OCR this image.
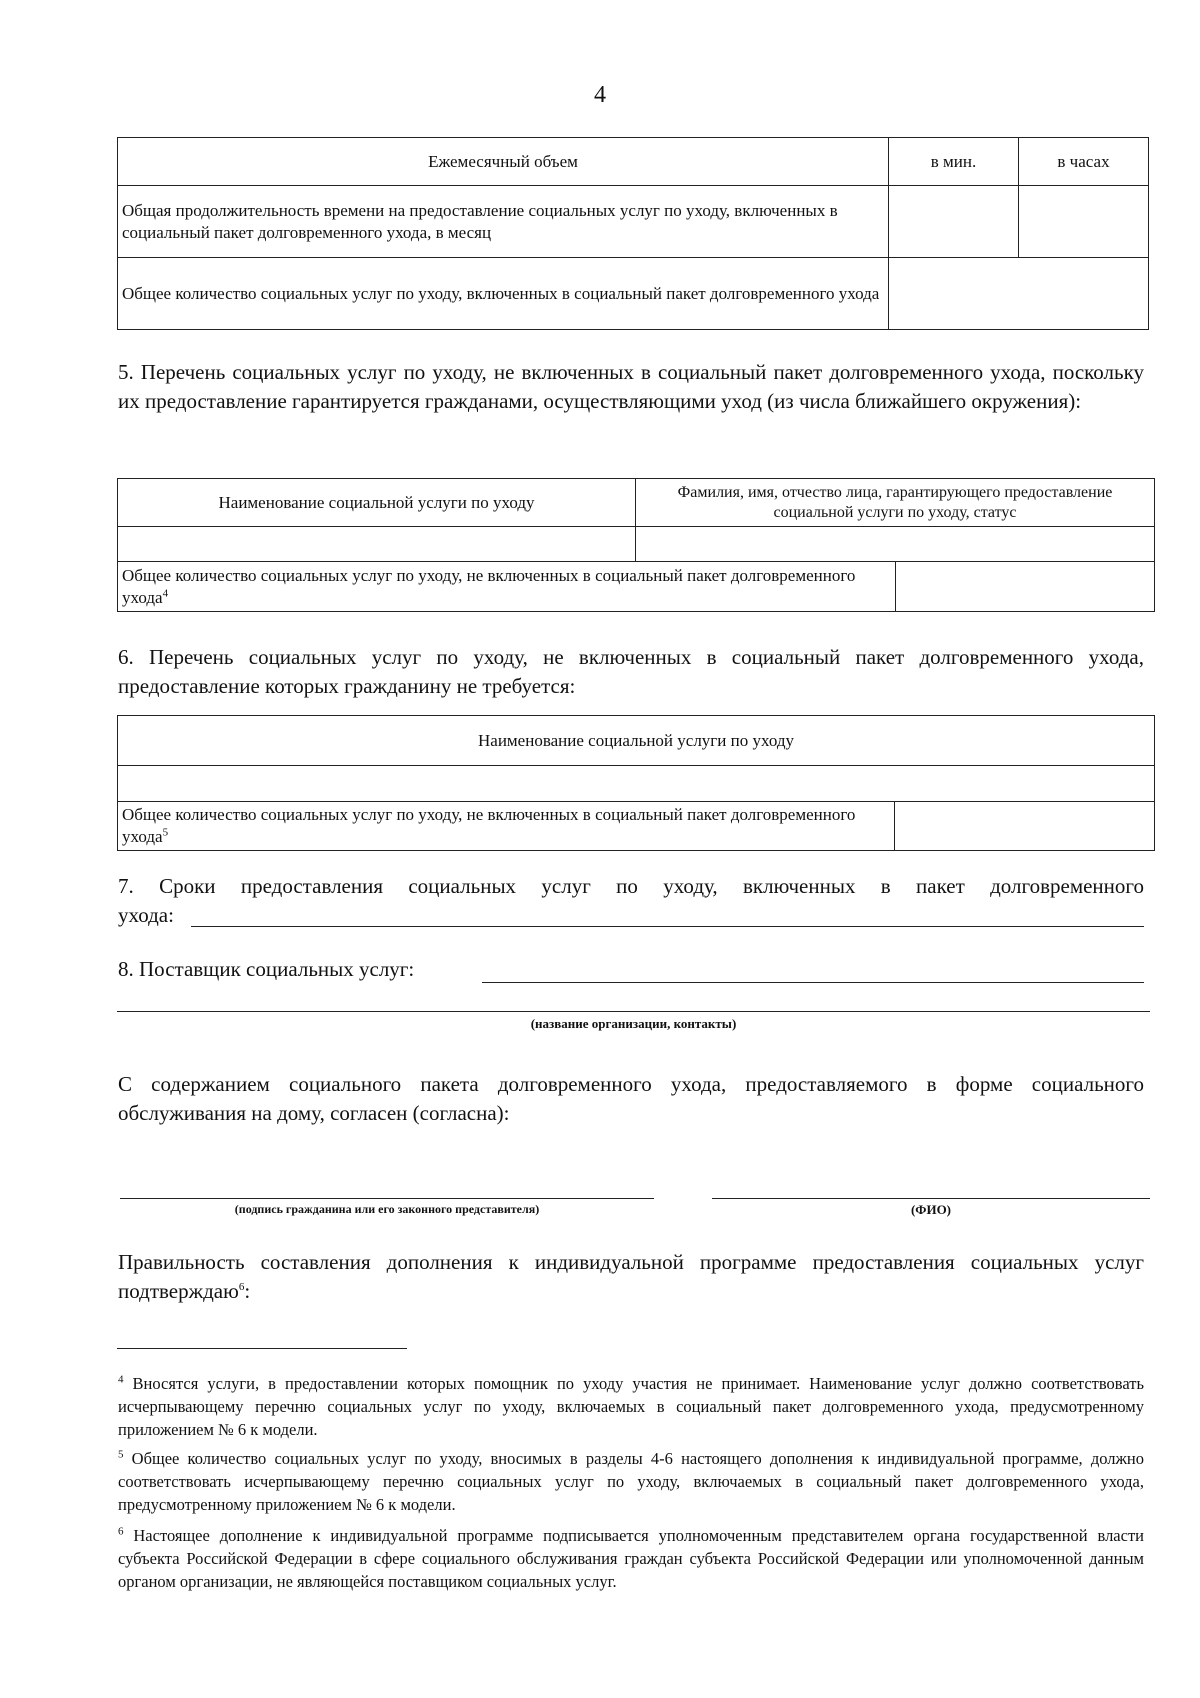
4
Ежемесячный объем	в мин.	в часах
Общая продолжительность времени на предоставление социальных услуг по уходу, включенных в социальный пакет долговременного ухода, в месяц		
Общее количество социальных услуг по уходу, включенных в социальный пакет долговременного ухода		
5. Перечень социальных услуг по уходу, не включенных в социальный пакет долговременного ухода, поскольку их предоставление гарантируется гражданами, осуществляющими уход (из числа ближайшего окружения):
Наименование социальной услуги по уходу	Фамилия, имя, отчество лица, гарантирующего предоставление социальной услуги по уходу, статус	

Общее количество социальных услуг по уходу, не включенных в социальный пакет долговременного ухода$^4$	
6. Перечень социальных услуг по уходу, не включенных в социальный пакет долговременного ухода, предоставление которых гражданину не требуется:
Наименование социальной услуги по уходу

Общее количество социальных услуг по уходу, не включенных в социальный пакет долговременного ухода$^5$	
7. Сроки предоставления социальных услуг по уходу, включенных в пакет долговременного
ухода:
8. Поставщик социальных услуг:
(название организации, контакты)
С содержанием социального пакета долговременного ухода, предоставляемого в форме социального обслуживания на дому, согласен (согласна):
(подпись гражданина или его законного представителя)	(ФИО)
Правильность составления дополнения к индивидуальной программе предоставления социальных услуг подтверждаю$^6$:
$^4$ Вносятся услуги, в предоставлении которых помощник по уходу участия не принимает. Наименование услуг должно соответствовать исчерпывающему перечню социальных услуг по уходу, включаемых в социальный пакет долговременного ухода, предусмотренному приложением № 6 к модели.
$^5$ Общее количество социальных услуг по уходу, вносимых в разделы 4-6 настоящего дополнения к индивидуальной программе, должно соответствовать исчерпывающему перечню социальных услуг по уходу, включаемых в социальный пакет долговременного ухода, предусмотренному приложением № 6 к модели.
$^6$ Настоящее дополнение к индивидуальной программе подписывается уполномоченным представителем органа государственной власти субъекта Российской Федерации в сфере социального обслуживания граждан субъекта Российской Федерации или уполномоченной данным органом организации, не являющейся поставщиком социальных услуг.
